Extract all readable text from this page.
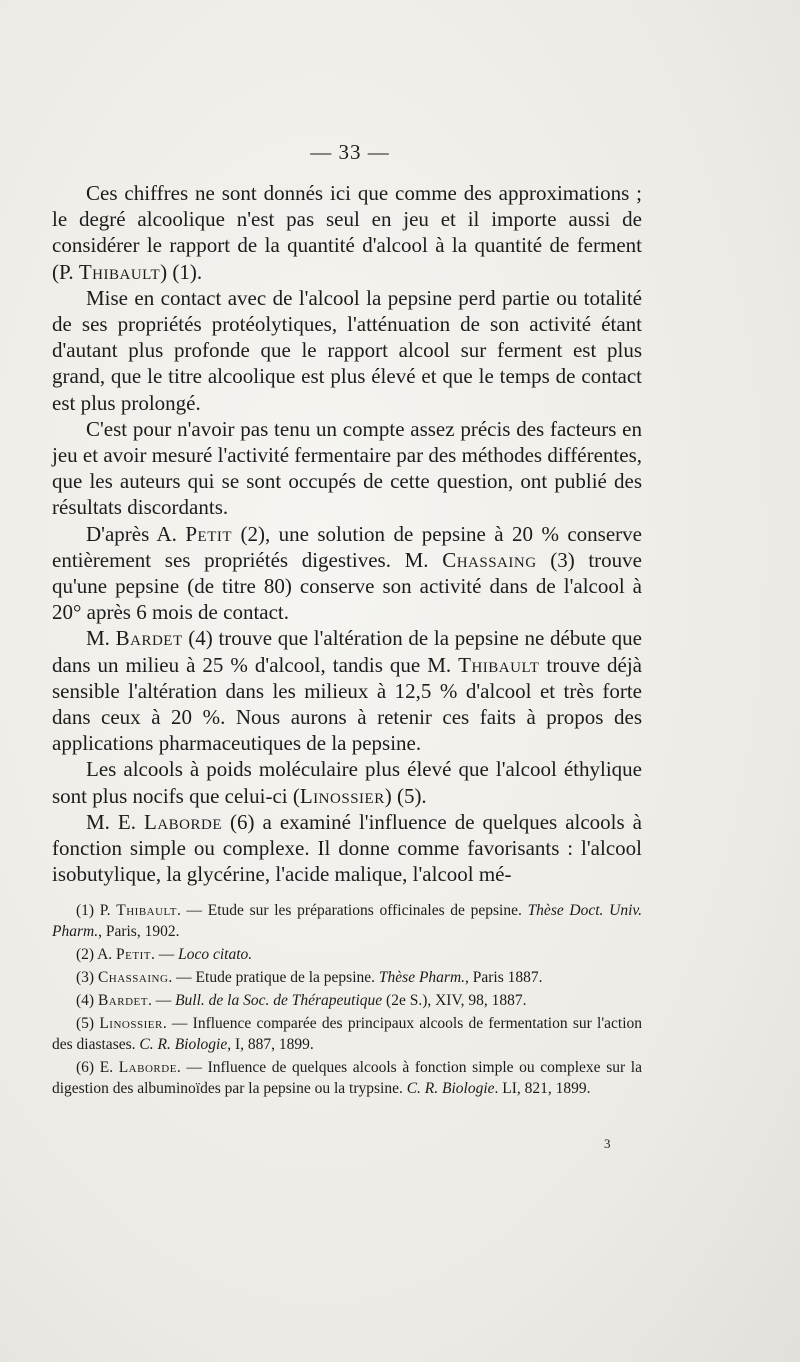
— 33 —

Ces chiffres ne sont donnés ici que comme des approximations ; le degré alcoolique n'est pas seul en jeu et il importe aussi de considérer le rapport de la quantité d'alcool à la quantité de ferment (P. Thibault) (1).

Mise en contact avec de l'alcool la pepsine perd partie ou totalité de ses propriétés protéolytiques, l'atténuation de son activité étant d'autant plus profonde que le rapport alcool sur ferment est plus grand, que le titre alcoolique est plus élevé et que le temps de contact est plus prolongé.

C'est pour n'avoir pas tenu un compte assez précis des facteurs en jeu et avoir mesuré l'activité fermentaire par des méthodes différentes, que les auteurs qui se sont occupés de cette question, ont publié des résultats discordants.

D'après A. Petit (2), une solution de pepsine à 20 % conserve entièrement ses propriétés digestives. M. Chassaing (3) trouve qu'une pepsine (de titre 80) conserve son activité dans de l'alcool à 20° après 6 mois de contact.

M. Bardet (4) trouve que l'altération de la pepsine ne débute que dans un milieu à 25 % d'alcool, tandis que M. Thibault trouve déjà sensible l'altération dans les milieux à 12,5 % d'alcool et très forte dans ceux à 20 %. Nous aurons à retenir ces faits à propos des applications pharmaceutiques de la pepsine.

Les alcools à poids moléculaire plus élevé que l'alcool éthylique sont plus nocifs que celui-ci (Linossier) (5).

M. E. Laborde (6) a examiné l'influence de quelques alcools à fonction simple ou complexe. Il donne comme favorisants : l'alcool isobutylique, la glycérine, l'acide malique, l'alcool mé-

(1) P. Thibault. — Etude sur les préparations officinales de pepsine. Thèse Doct. Univ. Pharm., Paris, 1902.

(2) A. Petit. — Loco citato.

(3) Chassaing. — Etude pratique de la pepsine. Thèse Pharm., Paris 1887.

(4) Bardet. — Bull. de la Soc. de Thérapeutique (2e S.), XIV, 98, 1887.

(5) Linossier. — Influence comparée des principaux alcools de fermentation sur l'action des diastases. C. R. Biologie, I, 887, 1899.

(6) E. Laborde. — Influence de quelques alcools à fonction simple ou complexe sur la digestion des albuminoïdes par la pepsine ou la trypsine. C. R. Biologie. LI, 821, 1899.

3
